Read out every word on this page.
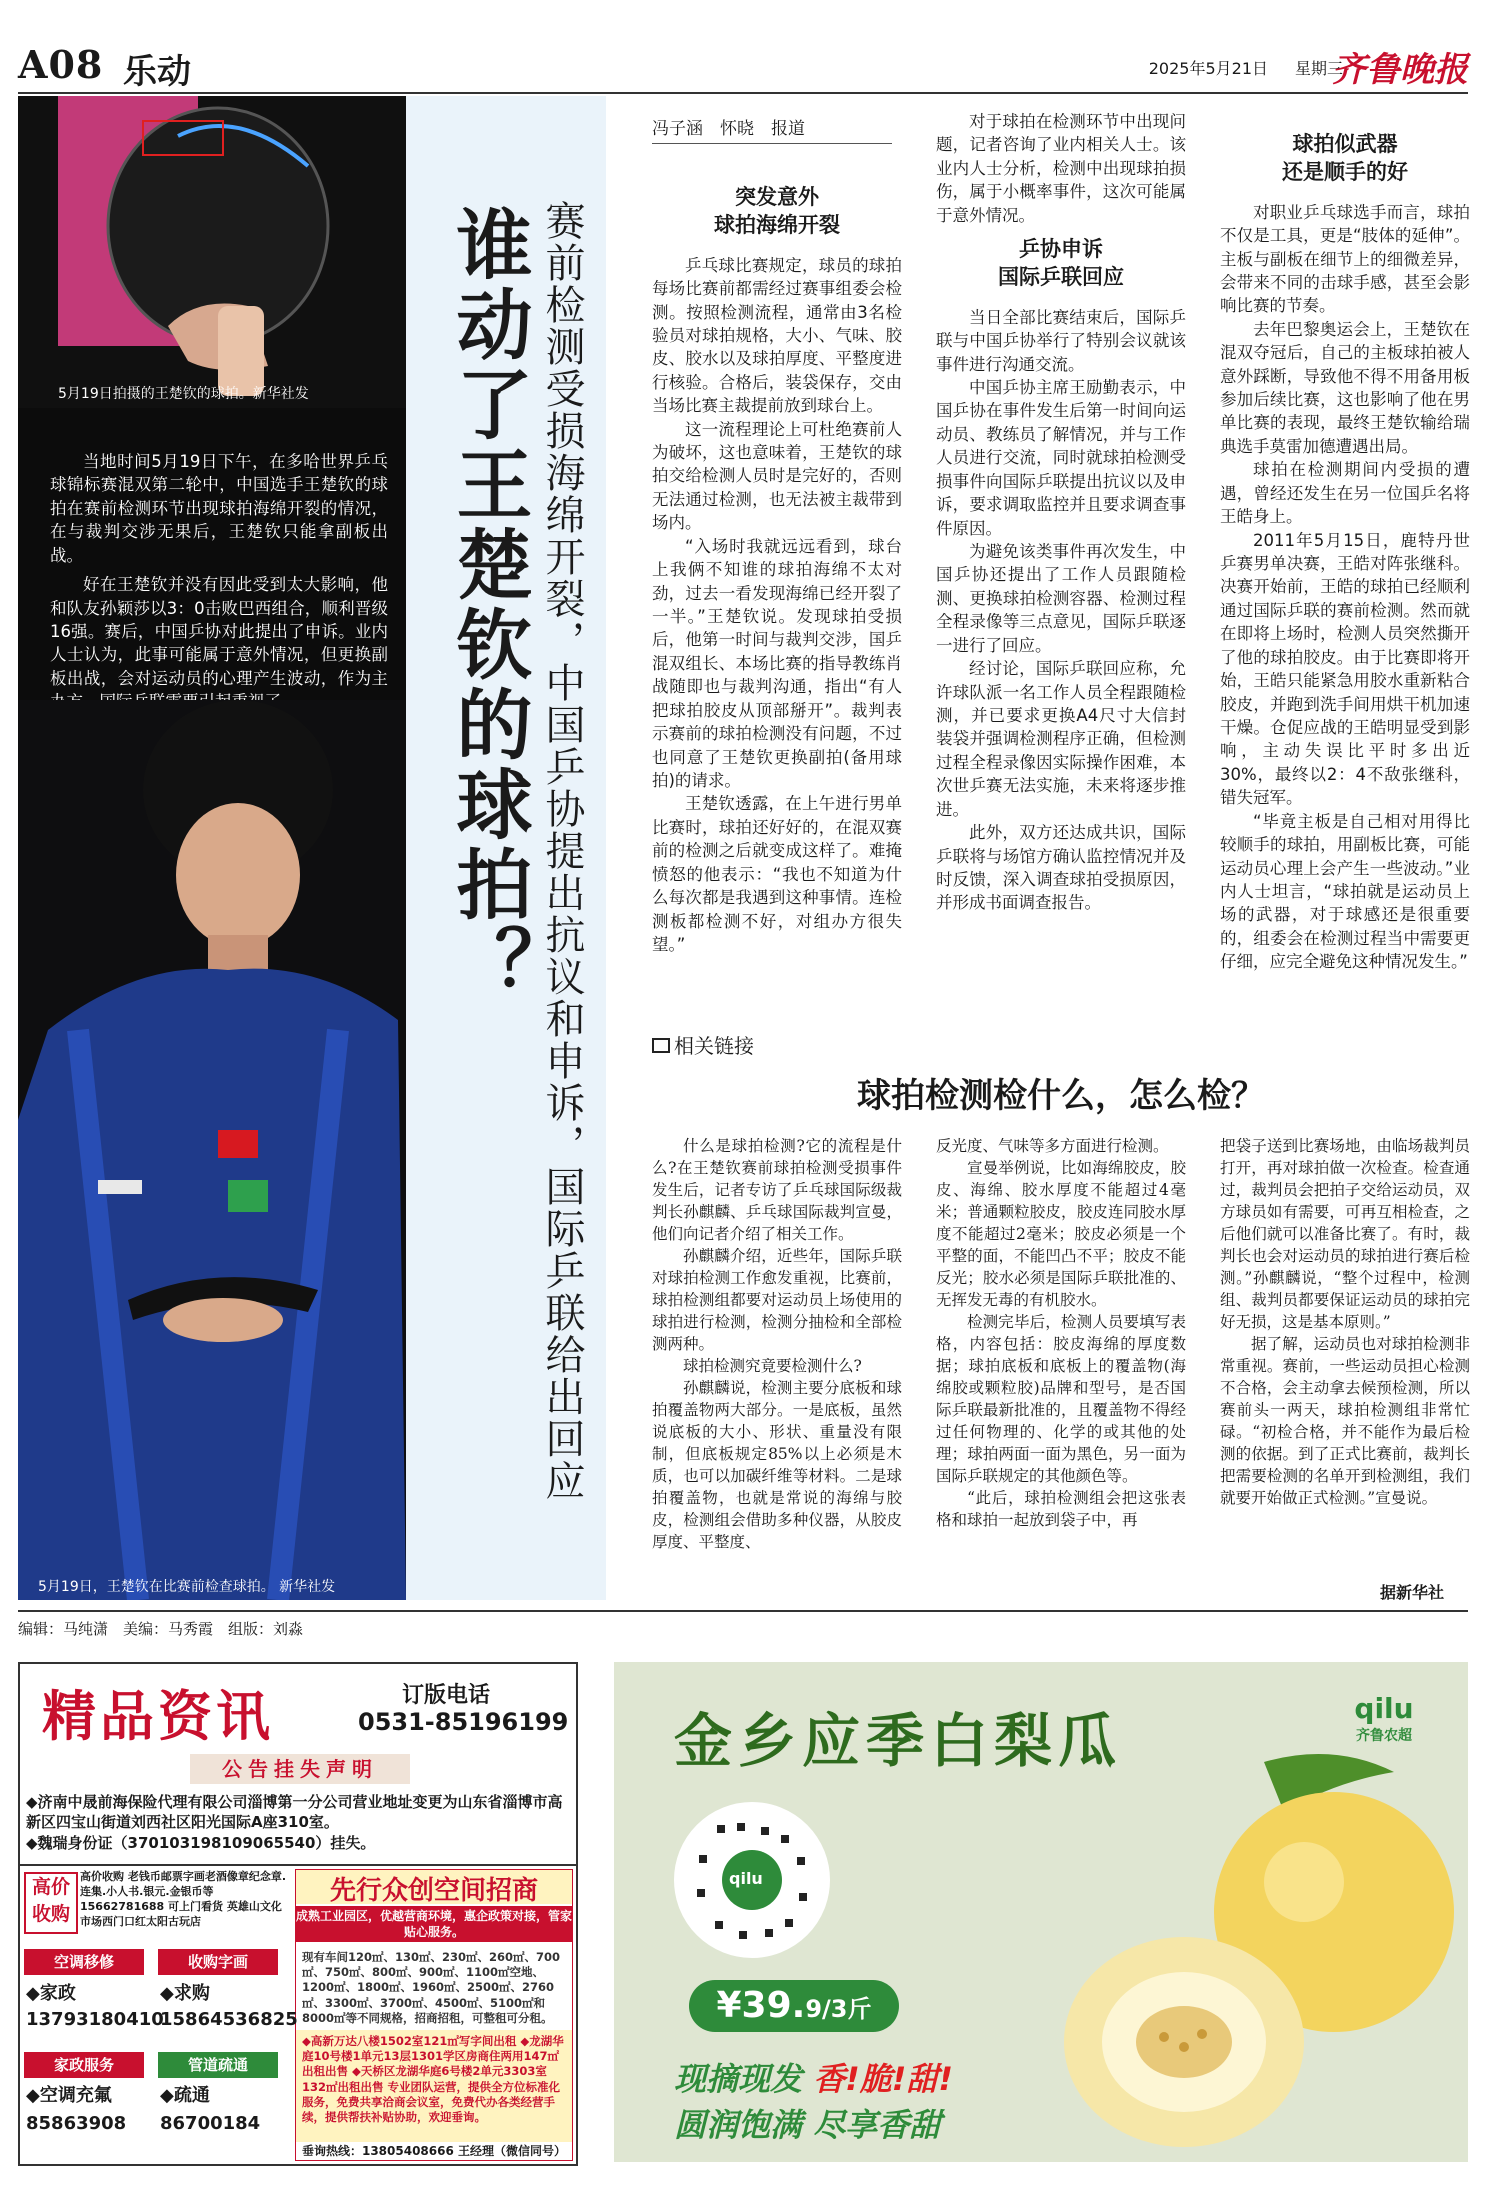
A08 乐动	2025年5月21日 星期三
齐鲁晚报
5月19日拍摄的王楚钦的球拍。新华社发

当地时间5月19日下午，在多哈世界乒乓球锦标赛混双第二轮中，中国选手王楚钦的球拍在赛前检测环节出现球拍海绵开裂的情况，在与裁判交涉无果后，王楚钦只能拿副板出战。

好在王楚钦并没有因此受到太大影响，他和队友孙颖莎以3：0击败巴西组合，顺利晋级16强。赛后，中国乒协对此提出了申诉。业内人士认为，此事可能属于意外情况，但更换副板出战，会对运动员的心理产生波动，作为主

5月19日，王楚钦在比赛前检查球拍。 新华社发
谁动了王楚钦的球拍？ 赛前检测受损海绵开裂，中国乒协提出抗议和申诉，国际乒联给出回应
冯子涵　怀晓　报道
突发意外
球拍海绵开裂

乒乓球比赛规定，球员的球拍每场比赛前都需经过赛事组委会检测。按照检测流程，通常由3名检验员对球拍规格，大小、气味、胶皮、胶水以及球拍厚度、平整度进行核验。合格后，装袋保存，交由当场比赛主裁提前放到球台上。

这一流程理论上可杜绝赛前人为破坏，这也意味着，王楚钦的球拍交给检测人员时是完好的，否则无法通过检测，也无法被主裁带到场内。

“入场时我就远远看到，球台上我俩不知谁的球拍海绵不太对劲，过去一看发现海绵已经开裂了一半。”王楚钦说。发现球拍受损后，他第一时间与裁判交涉，国乒混双组长、本场比赛的指导教练肖战随即也与裁判沟通，指出“有人把球拍胶皮从顶部掰开”。裁判表示赛前的球拍检测没有问题，不过也同意了王楚钦更换副拍(备用球拍)的请求。

王楚钦透露，在上午进行男单比赛时，球拍还好好的，在混双赛前的检测之后就变成这样了。难掩愤怒的他表示：“我也不知道为什么每次都是我遇到这种事情。连检测板都检测不好，对组办方很失望。”

对于球拍在检测环节中出现问题，记者咨询了业内相关人士。该业内人士分析，检测中出现球拍损伤，属于小概率事件，这次可能属于意外情况。

乒协申诉
国际乒联回应

当日全部比赛结束后，国际乒联与中国乒协举行了特别会议就该事件进行沟通交流。

中国乒协主席王励勤表示，中国乒协在事件发生后第一时间向运动员、教练员了解情况，并与工作人员进行交流，同时就球拍检测受损事件向国际乒联提出抗议以及申诉，要求调取监控并且要求调查事件原因。

为避免该类事件再次发生，中国乒协还提出了工作人员跟随检测、更换球拍检测容器、检测过程全程录像等三点意见，国际乒联逐一进行了回应。

经讨论，国际乒联回应称，允许球队派一名工作人员全程跟随检测，并已要求更换A4尺寸大信封装袋并强调检测程序正确，但检测过程全程录像因实际操作困难，本次世乒赛无法实施，未来将逐步推进。

此外，双方还达成共识，国际乒联将与场馆方确认监控情况并及时反馈，深入调查球拍受损原因，并形成书面调查报告。

球拍似武器
还是顺手的好

对职业乒乓球选手而言，球拍不仅是工具，更是“肢体的延伸”。主板与副板在细节上的细微差异，会带来不同的击球手感，甚至会影响比赛的节奏。

去年巴黎奥运会上，王楚钦在混双夺冠后，自己的主板球拍被人意外踩断，导致他不得不用备用板参加后续比赛，这也影响了他在男单比赛的表现，最终王楚钦输给瑞典选手莫雷加德遭遇出局。

球拍在检测期间内受损的遭遇，曾经还发生在另一位国乒名将王皓身上。

2011年5月15日，鹿特丹世乒赛男单决赛，王皓对阵张继科。决赛开始前，王皓的球拍已经顺利通过国际乒联的赛前检测。然而就在即将上场时，检测人员突然撕开了他的球拍胶皮。由于比赛即将开始，王皓只能紧急用胶水重新粘合胶皮，并跑到洗手间用烘干机加速干燥。仓促应战的王皓明显受到影响，主动失误比平时多出近30%，最终以2：4不敌张继科，错失冠军。

“毕竟主板是自己相对用得比较顺手的球拍，用副板比赛，可能运动员心理上会产生一些波动。”业内人士坦言，“球拍就是运动员上场的武器，对于球感还是很重要的，组委会在检测过程当中需要更仔细，应完全避免这种情况发生。”

相关链接
球拍检测检什么，怎么检？

什么是球拍检测?它的流程是什么?在王楚钦赛前球拍检测受损事件发生后，记者专访了乒乓球国际级裁判长孙麒麟、乒乓球国际裁判宣曼，他们向记者介绍了相关工作。

孙麒麟介绍，近些年，国际乒联对球拍检测工作愈发重视，比赛前，球拍检测组都要对运动员上场使用的球拍进行检测，检测分抽检和全部检测两种。

球拍检测究竟要检测什么?

孙麒麟说，检测主要分底板和球拍覆盖物两大部分。一是底板，虽然说底板的大小、形状、重量没有限制，但底板规定85%以上必须是木质，也可以加碳纤维等材料。二是球拍覆盖物，也就是常说的海绵与胶皮，检测组会借助多种仪器，从胶皮厚度、平整度、

反光度、气味等多方面进行检测。

宣曼举例说，比如海绵胶皮，胶皮、海绵、胶水厚度不能超过4毫米；普通颗粒胶皮，胶皮连同胶水厚度不能超过2毫米；胶皮必须是一个平整的面，不能凹凸不平；胶皮不能反光；胶水必须是国际乒联批准的、无挥发无毒的有机胶水。

检测完毕后，检测人员要填写表格，内容包括：胶皮海绵的厚度数据；球拍底板和底板上的覆盖物(海绵胶或颗粒胶)品牌和型号，是否国际乒联最新批准的，且覆盖物不得经过任何物理的、化学的或其他的处理；球拍两面一面为黑色，另一面为国际乒联规定的其他颜色等。

“此后，球拍检测组会把这张表格和球拍一起放到袋子中，再

把袋子送到比赛场地，由临场裁判员打开，再对球拍做一次检查。检查通过，裁判员会把拍子交给运动员，双方球员如有需要，可再互相检查，之后他们就可以准备比赛了。有时，裁判长也会对运动员的球拍进行赛后检测。”孙麒麟说，“整个过程中，检测组、裁判员都要保证运动员的球拍完好无损，这是基本原则。”

据了解，运动员也对球拍检测非常重视。赛前，一些运动员担心检测不合格，会主动拿去候预检测，所以赛前头一两天，球拍检测组非常忙碌。“初检合格，并不能作为最后检测的依据。到了正式比赛前，裁判长把需要检测的名单开到检测组，我们就要开始做正式检测。”宣曼说。

据新华社
编辑：马纯潇　美编：马秀霞　组版：刘淼
精品资讯	订版电话
0531-85196199
公告挂失声明
◆济南中晟前海保险代理有限公司淄博第一分公司营业地址变更为山东省淄博市高新区四宝山街道刘西社区阳光国际A座310室。
◆魏瑞身份证（370103198109065540）挂失。
高价收购
高价收购 老钱币邮票字画老酒像章纪念章.连集.小人书.银元.金银币等15662781688 可上门看货 英雄山文化市场西门口红太阳古玩店
先行众创空间招商
成熟工业园区，优越营商环境，惠企政策对接，管家贴心服务。
现有车间120㎡、130㎡、230㎡、260㎡、700㎡、750㎡、800㎡、900㎡、1100㎡空地、1200㎡、1800㎡、1960㎡、2500㎡、2760㎡、3300㎡、3700㎡、4500㎡、5100㎡和8000㎡等不同规格，招商招租，可整租可分租。
◆高新万达八楼1502室121㎡写字间出租 ◆龙湖华庭10号楼1单元13层1301学区房商住两用147㎡出租出售 ◆天桥区龙湖华庭6号楼2单元3303室132㎡出租出售 专业团队运营，提供全方位标准化服务，免费共享洽商会议室，免费代办各类经营手续，提供帮扶补贴协助，欢迎垂询。
垂询热线：13805408666 王经理（微信同号）
空调移修
◆家政
13793180410
收购字画
◆求购
15864536825
家政服务
◆空调充氟
85863908
管道疏通
◆疏通
86700184
金乡应季白梨瓜	qilu
齐鲁农超
qilu
¥39.9/3斤
现摘现发 香!脆!甜!
圆润饱满 尽享香甜
